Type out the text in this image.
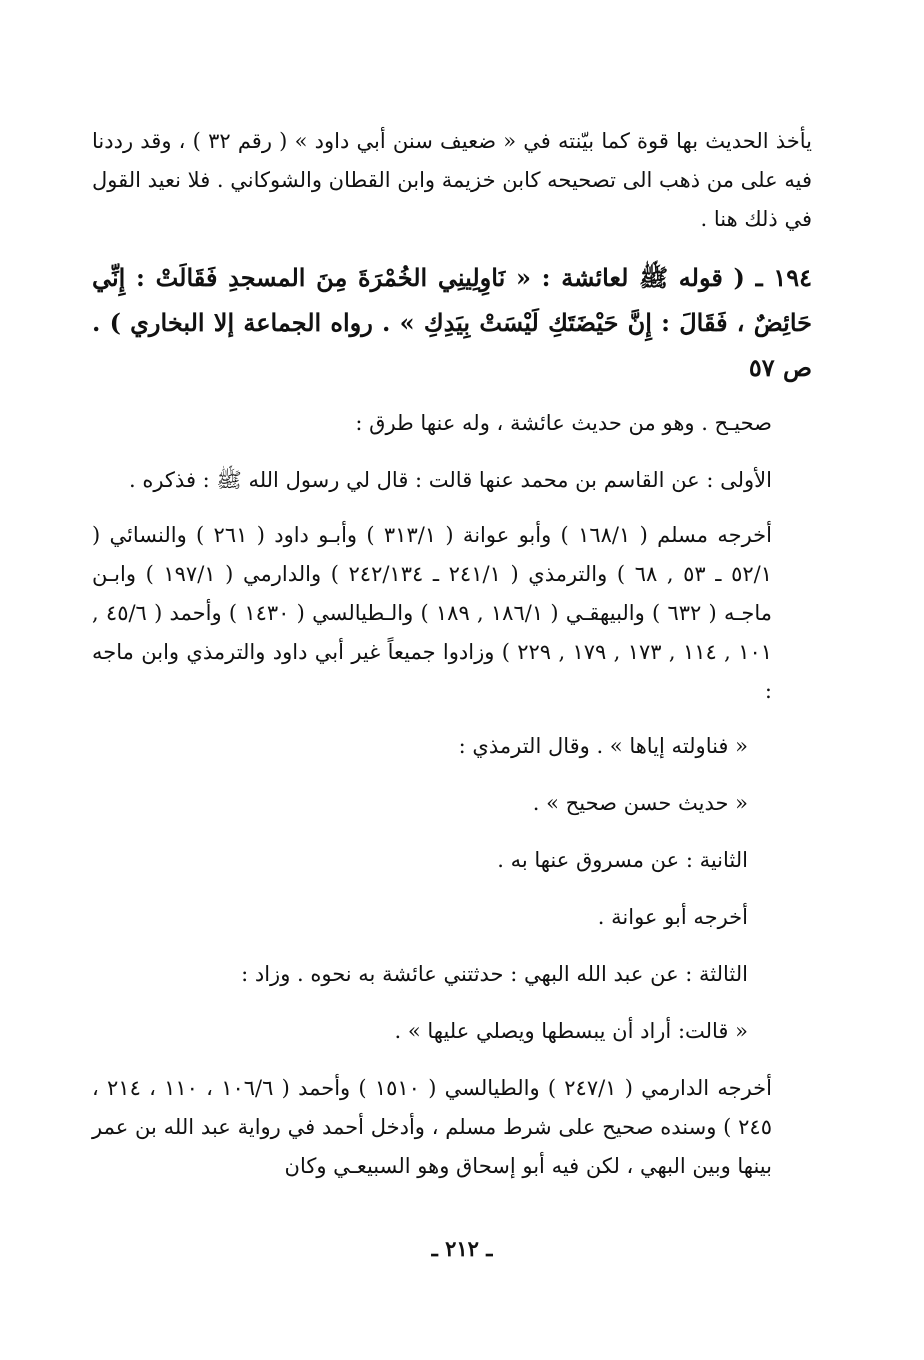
يأخذ الحديث بها قوة كما بيّنته في « ضعيف سنن أبي داود » ( رقم ٣٢ ) ، وقد رددنا فيه على من ذهب الى تصحيحه كابن خزيمة وابن القطان والشوكاني . فلا نعيد القول في ذلك هنا .

١٩٤ ـ ( قوله ﷺ لعائشة : « نَاوِلِينِي الخُمْرَةَ مِنَ المسجدِ فَقَالَتْ : إِنِّي حَائِضٌ ، فَقَالَ : إِنَّ حَيْضَتَكِ لَيْسَتْ بِيَدِكِ » . رواه الجماعة إلا البخاري ) . ص ٥٧

صحيـح . وهو من حديث عائشة ، وله عنها طرق :

الأولى : عن القاسم بن محمد عنها قالت : قال لي رسول الله ﷺ : فذكره .

أخرجه مسلم ( ١٦٨/١ ) وأبو عوانة ( ٣١٣/١ ) وأبـو داود ( ٢٦١ ) والنسائي ( ٥٢/١ ـ ٥٣ , ٦٨ ) والترمذي ( ٢٤١/١ ـ ٢٤٢/١٣٤ ) والدارمي ( ١٩٧/١ ) وابـن ماجـه ( ٦٣٢ ) والبيهقـي ( ١٨٦/١ , ١٨٩ ) والـطيالسي ( ١٤٣٠ ) وأحمد ( ٤٥/٦ , ١٠١ , ١١٤ , ١٧٣ , ١٧٩ , ٢٢٩ ) وزادوا جميعاً غير أبي داود والترمذي وابن ماجه :

« فناولته إياها » . وقال الترمذي :

« حديث حسن صحيح » .

الثانية : عن مسروق عنها به .

أخرجه أبو عوانة .

الثالثة : عن عبد الله البهي : حدثتني عائشة به نحوه . وزاد :

« قالت: أراد أن يبسطها ويصلي عليها » .

أخرجه الدارمي ( ٢٤٧/١ ) والطيالسي ( ١٥١٠ ) وأحمد ( ١٠٦/٦ ، ١١٠ ، ٢١٤ ، ٢٤٥ ) وسنده صحيح على شرط مسلم ، وأدخل أحمد في رواية عبد الله بن عمر بينها وبين البهي ، لكن فيه أبو إسحاق وهو السبيعـي وكان

ـ ٢١٢ ـ
